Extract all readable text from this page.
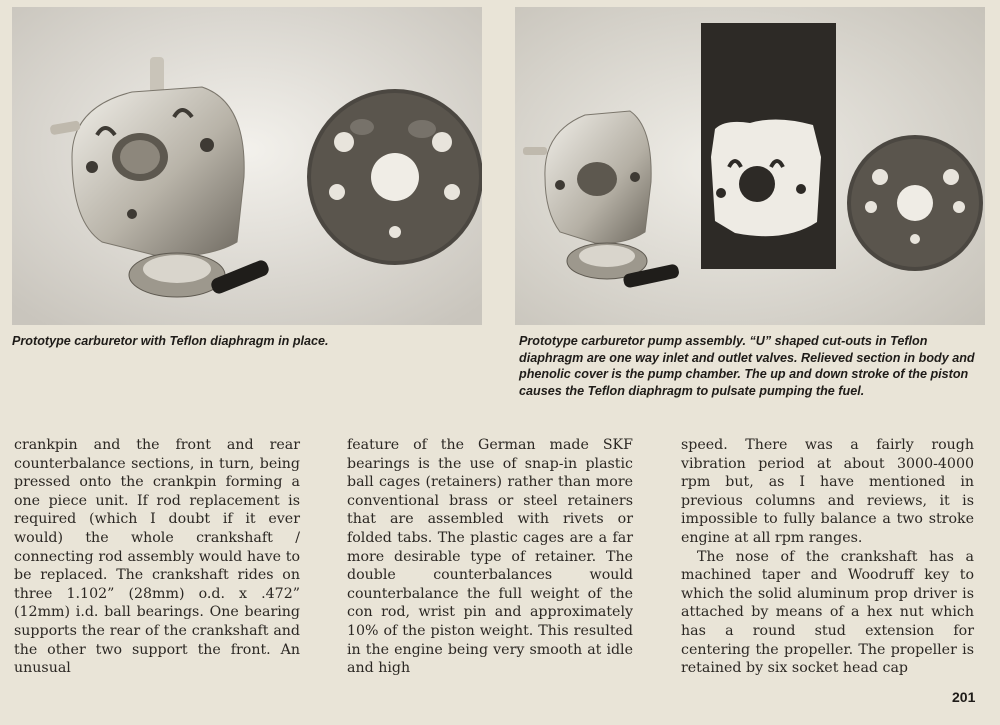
Prototype carburetor with Teflon diaphragm in place.	Prototype carburetor pump assembly. “U” shaped cut-outs in Teflon diaphragm are one way inlet and outlet valves. Relieved section in body and phenolic cover is the pump chamber. The up and down stroke of the piston causes the Teflon diaphragm to pulsate pumping the fuel.

crankpin and the front and rear counterbalance sections, in turn, being pressed onto the crankpin forming a one piece unit. If rod replacement is required (which I doubt if it ever would) the whole crankshaft / connecting rod assembly would have to be replaced. The crankshaft rides on three 1.102” (28mm) o.d. x .472” (12mm) i.d. ball bearings. One bearing supports the rear of the crankshaft and the other two support the front. An unusual

feature of the German made SKF bearings is the use of snap-in plastic ball cages (retainers) rather than more conventional brass or steel retainers that are assembled with rivets or folded tabs. The plastic cages are a far more desirable type of retainer. The double counterbalances would counterbalance the full weight of the con rod, wrist pin and approximately 10% of the piston weight. This resulted in the engine being very smooth at idle and high

speed. There was a fairly rough vibration period at about 3000-4000 rpm but, as I have mentioned in previous columns and reviews, it is impossible to fully balance a two stroke engine at all rpm ranges.

The nose of the crankshaft has a machined taper and Woodruff key to which the solid aluminum prop driver is attached by means of a hex nut which has a round stud extension for centering the propeller. The propeller is retained by six socket head cap

201
